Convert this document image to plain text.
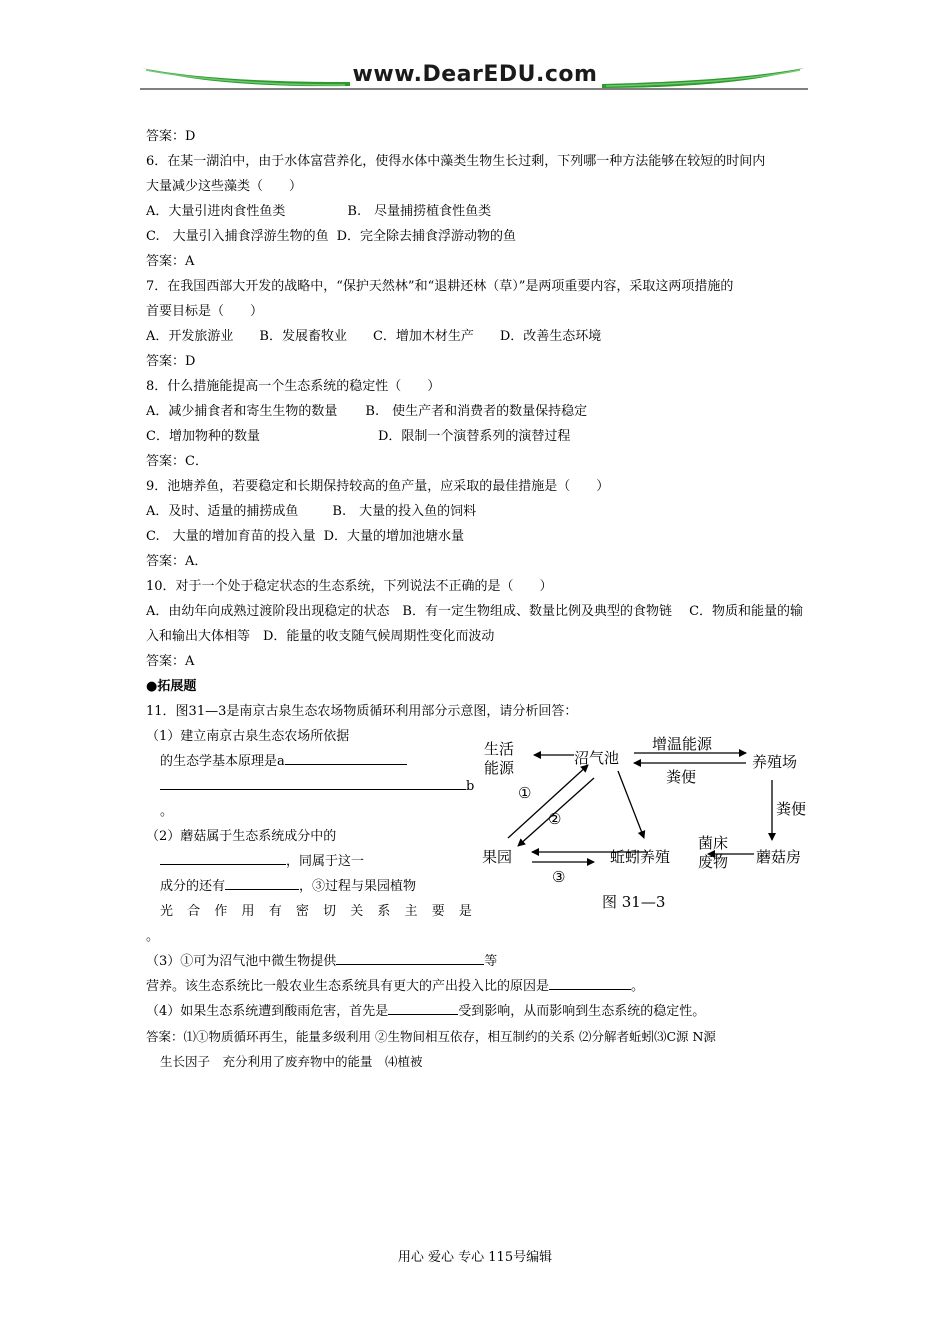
www.DearEDU.com
答案：D
6．在某一湖泊中，由于水体富营养化，使得水体中藻类生物生长过剩，下列哪一种方法能够在较短的时间内
大量减少这些藻类（　　）
A．大量引进肉食性鱼类	B.　尽量捕捞植食性鱼类
C.　大量引入捕食浮游生物的鱼 D．完全除去捕食浮游动物的鱼
答案：A
7．在我国西部大开发的战略中，“保护天然林”和“退耕还林（草）”是两项重要内容，采取这两项措施的
首要目标是（　　）
A．开发旅游业　　B．发展畜牧业　　C．增加木材生产　　D．改善生态环境
答案：D
8．什么措施能提高一个生态系统的稳定性（　　）
A．减少捕食者和寄生生物的数量 B.　使生产者和消费者的数量保持稳定
C．增加物种的数量	D．限制一个演替系列的演替过程
答案：C．
9．池塘养鱼，若要稳定和长期保持较高的鱼产量，应采取的最佳措施是（　　）
A．及时、适量的捕捞成鱼	B.　大量的投入鱼的饲料
C.　大量的增加育苗的投入量 D．大量的增加池塘水量
答案：A．
10．对于一个处于稳定状态的生态系统，下列说法不正确的是（　　）
A．由幼年向成熟过渡阶段出现稳定的状态　B．有一定生物组成、数量比例及典型的食物链　 C．物质和能量的输入和输出大体相等　D．能量的收支随气候周期性变化而波动
答案：A
●拓展题
11．图31—3是南京古泉生态农场物质循环利用部分示意图，请分析回答：
（1）建立南京古泉生态农场所依据
的生态学基本原理是a
b
。
（2）蘑菇属于生态系统成分中的
，同属于这一
成分的还有	，③过程与果园植物
光 合 作 用 有 密 切 关 系 主 要 是
。
生活
能源
沼气池
增温能源
养殖场
粪便
粪便
①
②
果园	蚯蚓养殖
菌床
废物 蘑菇房
③
图 31—3
（3）①可为沼气池中微生物提供	等
营养。该生态系统比一般农业生态系统具有更大的产出投入比的原因是	。
（4）如果生态系统遭到酸雨危害，首先是	受到影响，从而影响到生态系统的稳定性。
答案：⑴①物质循环再生，能量多级利用 ②生物间相互依存，相互制约的关系 ⑵分解者蚯蚓⑶C源 N源
生长因子　充分利用了废弃物中的能量　⑷植被
用心 爱心 专心 115号编辑
